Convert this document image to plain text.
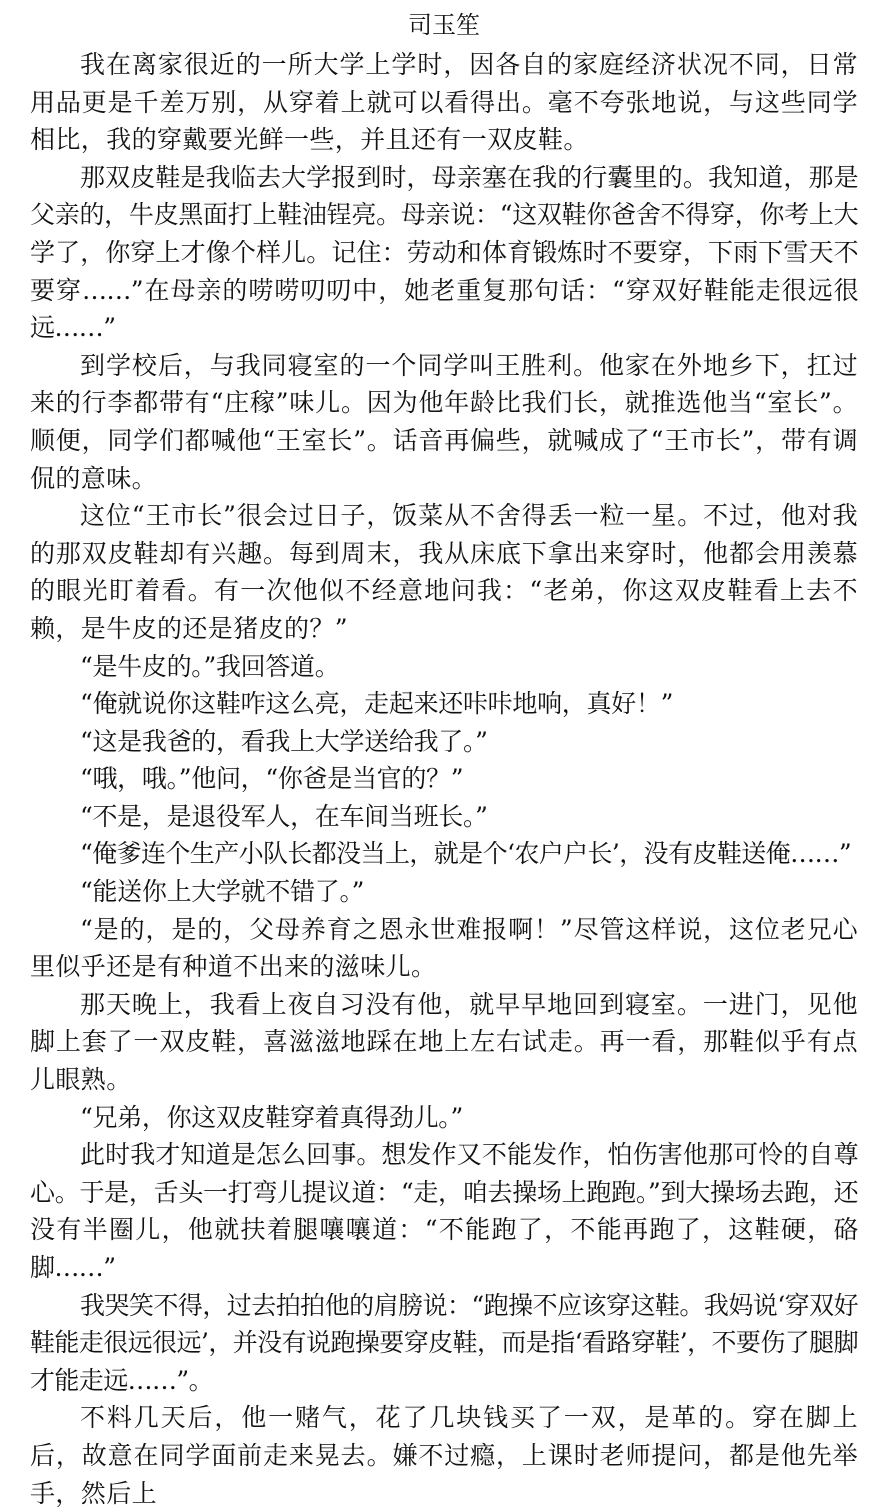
司玉笙

我在离家很近的一所大学上学时，因各自的家庭经济状况不同，日常用品更是千差万别，从穿着上就可以看得出。毫不夸张地说，与这些同学相比，我的穿戴要光鲜一些，并且还有一双皮鞋。

那双皮鞋是我临去大学报到时，母亲塞在我的行囊里的。我知道，那是父亲的，牛皮黑面打上鞋油锃亮。母亲说：“这双鞋你爸舍不得穿，你考上大学了，你穿上才像个样儿。记住：劳动和体育锻炼时不要穿，下雨下雪天不要穿……”在母亲的唠唠叨叨中，她老重复那句话：“穿双好鞋能走很远很远……”

到学校后，与我同寝室的一个同学叫王胜利。他家在外地乡下，扛过来的行李都带有“庄稼”味儿。因为他年龄比我们长，就推选他当“室长”。顺便，同学们都喊他“王室长”。话音再偏些，就喊成了“王市长”，带有调侃的意味。

这位“王市长”很会过日子，饭菜从不舍得丢一粒一星。不过，他对我的那双皮鞋却有兴趣。每到周末，我从床底下拿出来穿时，他都会用羡慕的眼光盯着看。有一次他似不经意地问我：“老弟，你这双皮鞋看上去不赖，是牛皮的还是猪皮的？”

“是牛皮的。”我回答道。

“俺就说你这鞋咋这么亮，走起来还咔咔地响，真好！”

“这是我爸的，看我上大学送给我了。”

“哦，哦。”他问，“你爸是当官的？”

“不是，是退役军人，在车间当班长。”

“俺爹连个生产小队长都没当上，就是个‘农户户长’，没有皮鞋送俺……”

“能送你上大学就不错了。”

“是的，是的，父母养育之恩永世难报啊！”尽管这样说，这位老兄心里似乎还是有种道不出来的滋味儿。

那天晚上，我看上夜自习没有他，就早早地回到寝室。一进门，见他脚上套了一双皮鞋，喜滋滋地踩在地上左右试走。再一看，那鞋似乎有点儿眼熟。

“兄弟，你这双皮鞋穿着真得劲儿。”

此时我才知道是怎么回事。想发作又不能发作，怕伤害他那可怜的自尊心。于是，舌头一打弯儿提议道：“走，咱去操场上跑跑。”到大操场去跑，还没有半圈儿，他就扶着腿嚷嚷道：“不能跑了，不能再跑了，这鞋硬，硌脚……”

我哭笑不得，过去拍拍他的肩膀说：“跑操不应该穿这鞋。我妈说‘穿双好鞋能走很远很远’，并没有说跑操要穿皮鞋，而是指‘看路穿鞋’，不要伤了腿脚才能走远……”。

不料几天后，他一赌气，花了几块钱买了一双，是革的。穿在脚上后，故意在同学面前走来晃去。嫌不过瘾，上课时老师提问，都是他先举手，然后上
